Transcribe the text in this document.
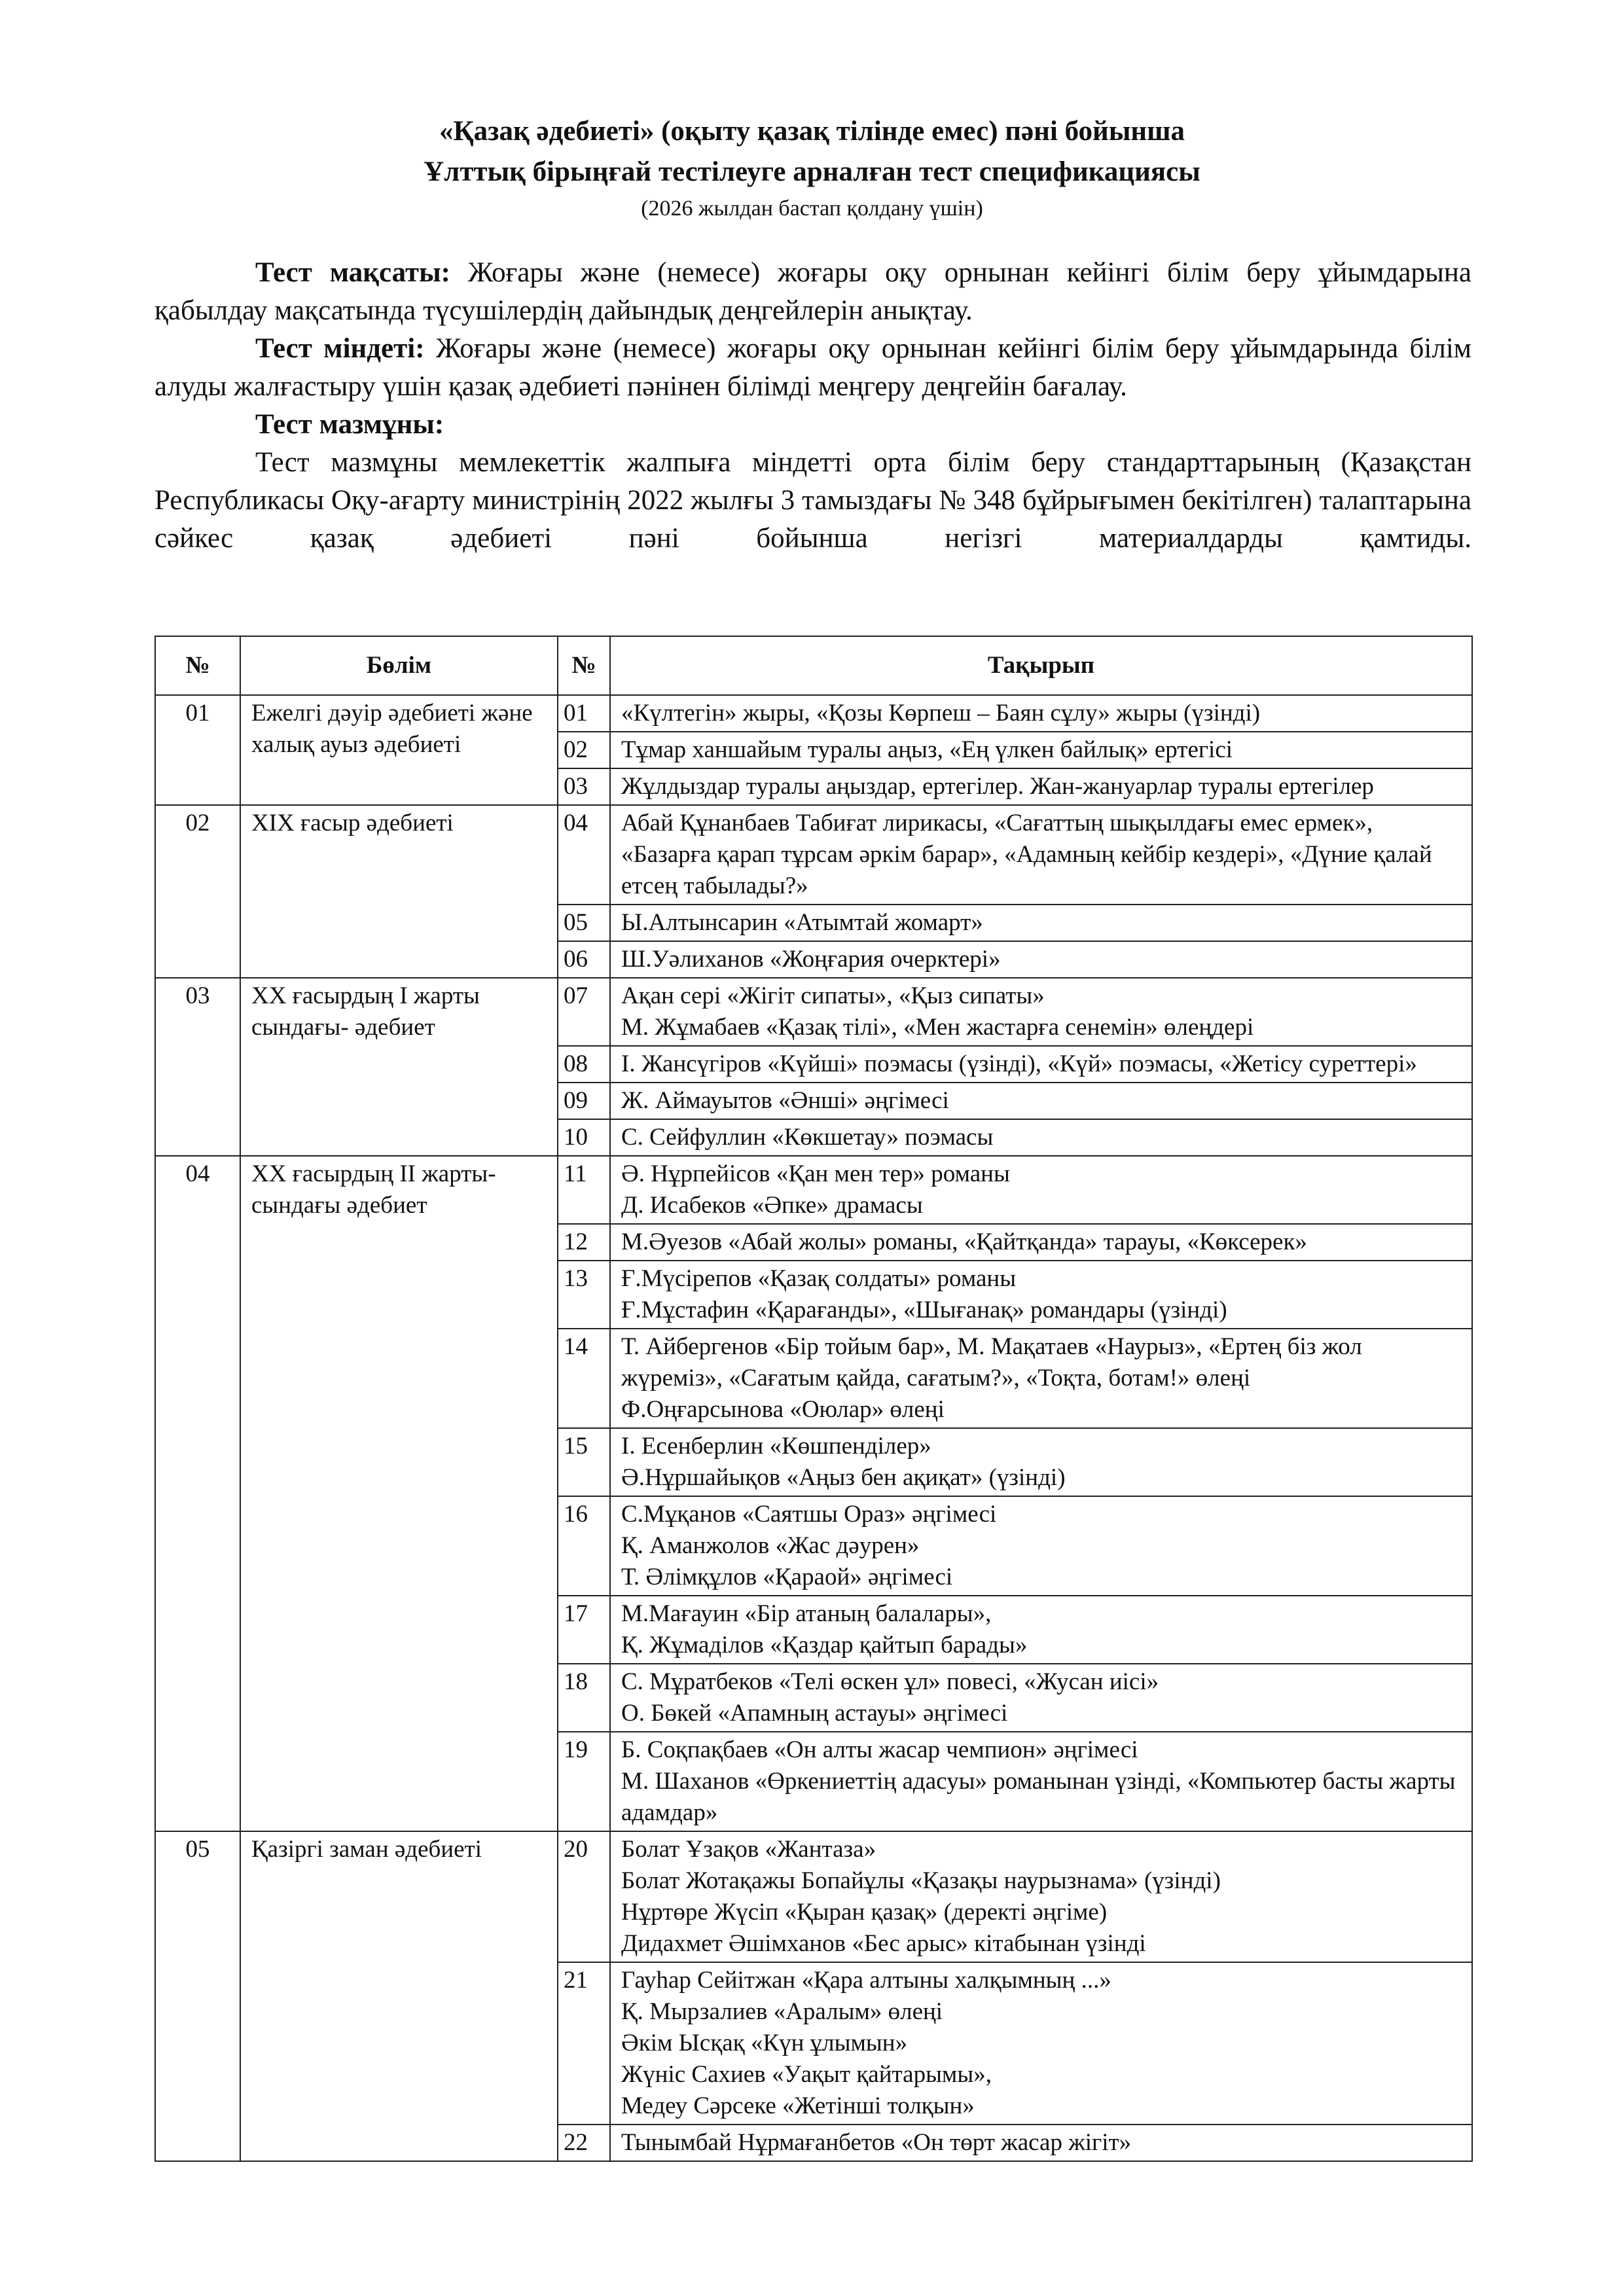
«Қазақ әдебиеті» (оқыту қазақ тілінде емес) пәні бойынша
Ұлттық бірыңғай тестілеуге арналған тест спецификациясы
(2026 жылдан бастап қолдану үшін)

Тест мақсаты: Жоғары және (немесе) жоғары оқу орнынан кейінгі білім беру ұйымдарына қабылдау мақсатында түсушілердің дайындық деңгейлерін анықтау.

Тест міндеті: Жоғары және (немесе) жоғары оқу орнынан кейінгі білім беру ұйымдарында білім алуды жалғастыру үшін қазақ әдебиеті пәнінен білімді меңгеру деңгейін бағалау.

Тест мазмұны:

Тест мазмұны мемлекеттік жалпыға міндетті орта білім беру стандарттарының (Қазақстан Республикасы Оқу-ағарту министрінің 2022 жылғы 3 тамыздағы № 348 бұйрығымен бекітілген) талаптарына сәйкес қазақ әдебиеті пәні бойынша негізгі материалдарды қамтиды.

№	Бөлім	№	Тақырып
01	Ежелгі дәуір әдебиеті және халық ауыз әдебиеті	01	«Күлтегін» жыры, «Қозы Көрпеш – Баян сұлу» жыры (үзінді)

		02	Тұмар ханшайым туралы аңыз, «Ең үлкен байлық» ертегісі

		03	Жұлдыздар туралы аңыздар, ертегілер. Жан-жануарлар туралы ертегілер

02	ХІХ ғасыр әдебиеті	04	Абай Құнанбаев Табиғат лирикасы, «Сағаттың шықылдағы емес ермек», «Базарға қарап тұрсам әркім барар», «Адамның кейбір кездері», «Дүние қалай етсең табылады?»

		05	Ы.Алтынсарин «Атымтай жомарт»

		06	Ш.Уәлиханов «Жоңғария очерктері»

03	ХХ ғасырдың І жарты сындағы- әдебиет	07	Ақан серi «Жігіт сипаты», «Қыз сипаты»
М. Жұмабаев «Қазақ тілі», «Мен жастарға сенемін» өлеңдері

		08	І. Жансүгіров «Күйші» поэмасы (үзінді), «Күй» поэмасы, «Жетісу суреттері»

		09	Ж. Аймауытов «Әнші» әңгімесі

		10	С. Сейфуллин «Көкшетау» поэмасы

04	ХХ ғасырдың ІІ жарты-сындағы әдебиет	11	Ә. Нұрпейісов «Қан мен тер» романы
Д. Исабеков «Әпке» драмасы

		12	М.Әуезов «Абай жолы» романы, «Қайтқанда» тарауы, «Көксерек»

		13	Ғ.Мүсірепов «Қазақ солдаты» романы
Ғ.Мұстафин «Қарағанды», «Шығанақ» романдары (үзінді)

		14	Т. Айбергенов «Бір тойым бар», М. Мақатаев «Наурыз», «Ертең біз жол жүреміз», «Сағатым қайда, сағатым?», «Тоқта, ботам!» өлеңі
Ф.Оңғарсынова «Оюлар» өлеңі

		15	І. Есенберлин «Көшпенділер»
Ә.Нұршайықов «Аңыз бен ақиқат» (үзінді)

		16	С.Мұқанов «Саятшы Ораз» әңгімесі
Қ. Аманжолов «Жас дәурен»
Т. Әлімқұлов «Қараой» әңгімесі

		17	М.Мағауин «Бір атаның балалары»,
Қ. Жұмаділов «Қаздар қайтып барады»

		18	С. Мұратбеков «Телі өскен ұл» повесі, «Жусан иісі»
О. Бөкей «Апамның астауы» әңгімесі

		19	Б. Соқпақбаев «Он алты жасар чемпион» әңгімесі
М. Шаханов «Өркениеттің адасуы» романынан үзінді, «Компьютер басты жарты адамдар»

05	Қазіргі заман әдебиеті	20	Болат Ұзақов «Жантаза»
Болат Жотақажы Бопайұлы «Қазақы наурызнама» (үзінді)
Нұртөре Жүсіп «Қыран қазақ» (деректі әңгіме)
Дидахмет Әшімханов «Бес арыс» кітабынан үзінді

		21	Гауһар Сейітжан «Қара алтыны халқымның ...»
Қ. Мырзалиев «Аралым» өлеңі
Әкім Ысқақ «Күн ұлымын»
Жүніс Сахиев «Уақыт қайтарымы»,
Медеу Сәрсеке «Жетінші толқын»

		22	Тынымбай Нұрмағанбетов «Он төрт жасар жігіт»
